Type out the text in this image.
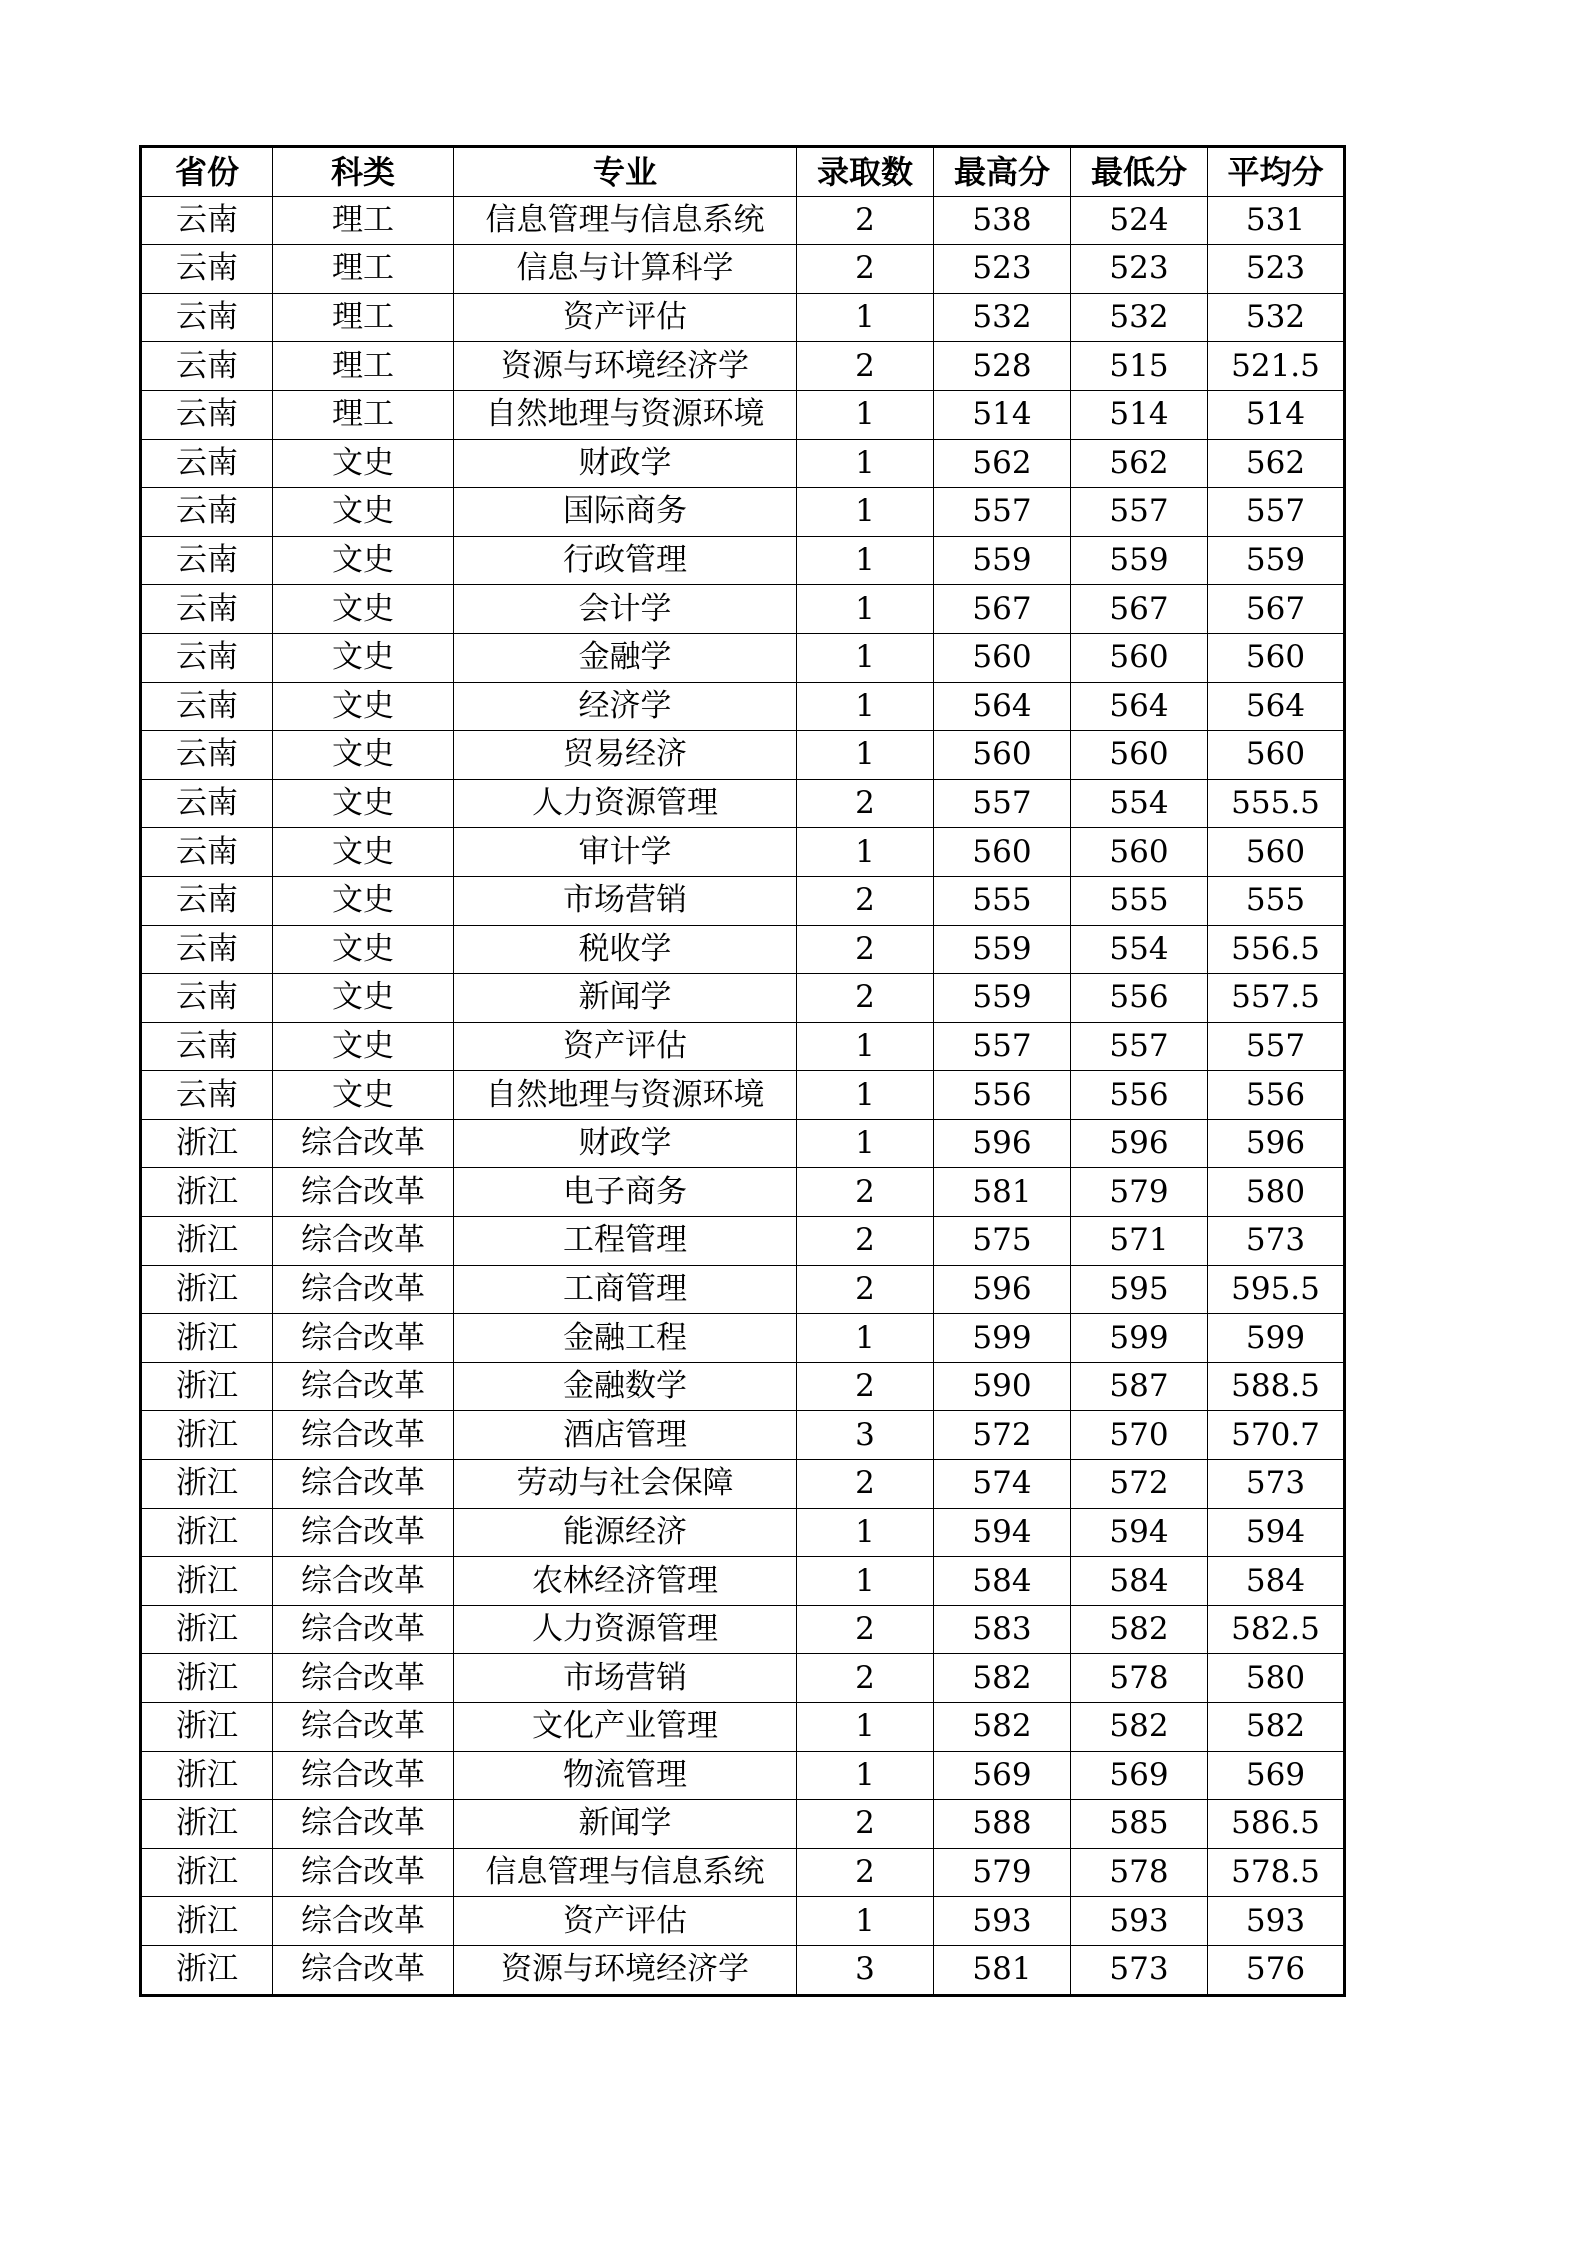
省份	科类	专业	录取数	最高分	最低分	平均分
云南	理工	信息管理与信息系统	2	538	524	531
云南	理工	信息与计算科学	2	523	523	523
云南	理工	资产评估	1	532	532	532
云南	理工	资源与环境经济学	2	528	515	521.5
云南	理工	自然地理与资源环境	1	514	514	514
云南	文史	财政学	1	562	562	562
云南	文史	国际商务	1	557	557	557
云南	文史	行政管理	1	559	559	559
云南	文史	会计学	1	567	567	567
云南	文史	金融学	1	560	560	560
云南	文史	经济学	1	564	564	564
云南	文史	贸易经济	1	560	560	560
云南	文史	人力资源管理	2	557	554	555.5
云南	文史	审计学	1	560	560	560
云南	文史	市场营销	2	555	555	555
云南	文史	税收学	2	559	554	556.5
云南	文史	新闻学	2	559	556	557.5
云南	文史	资产评估	1	557	557	557
云南	文史	自然地理与资源环境	1	556	556	556
浙江	综合改革	财政学	1	596	596	596
浙江	综合改革	电子商务	2	581	579	580
浙江	综合改革	工程管理	2	575	571	573
浙江	综合改革	工商管理	2	596	595	595.5
浙江	综合改革	金融工程	1	599	599	599
浙江	综合改革	金融数学	2	590	587	588.5
浙江	综合改革	酒店管理	3	572	570	570.7
浙江	综合改革	劳动与社会保障	2	574	572	573
浙江	综合改革	能源经济	1	594	594	594
浙江	综合改革	农林经济管理	1	584	584	584
浙江	综合改革	人力资源管理	2	583	582	582.5
浙江	综合改革	市场营销	2	582	578	580
浙江	综合改革	文化产业管理	1	582	582	582
浙江	综合改革	物流管理	1	569	569	569
浙江	综合改革	新闻学	2	588	585	586.5
浙江	综合改革	信息管理与信息系统	2	579	578	578.5
浙江	综合改革	资产评估	1	593	593	593
浙江	综合改革	资源与环境经济学	3	581	573	576
